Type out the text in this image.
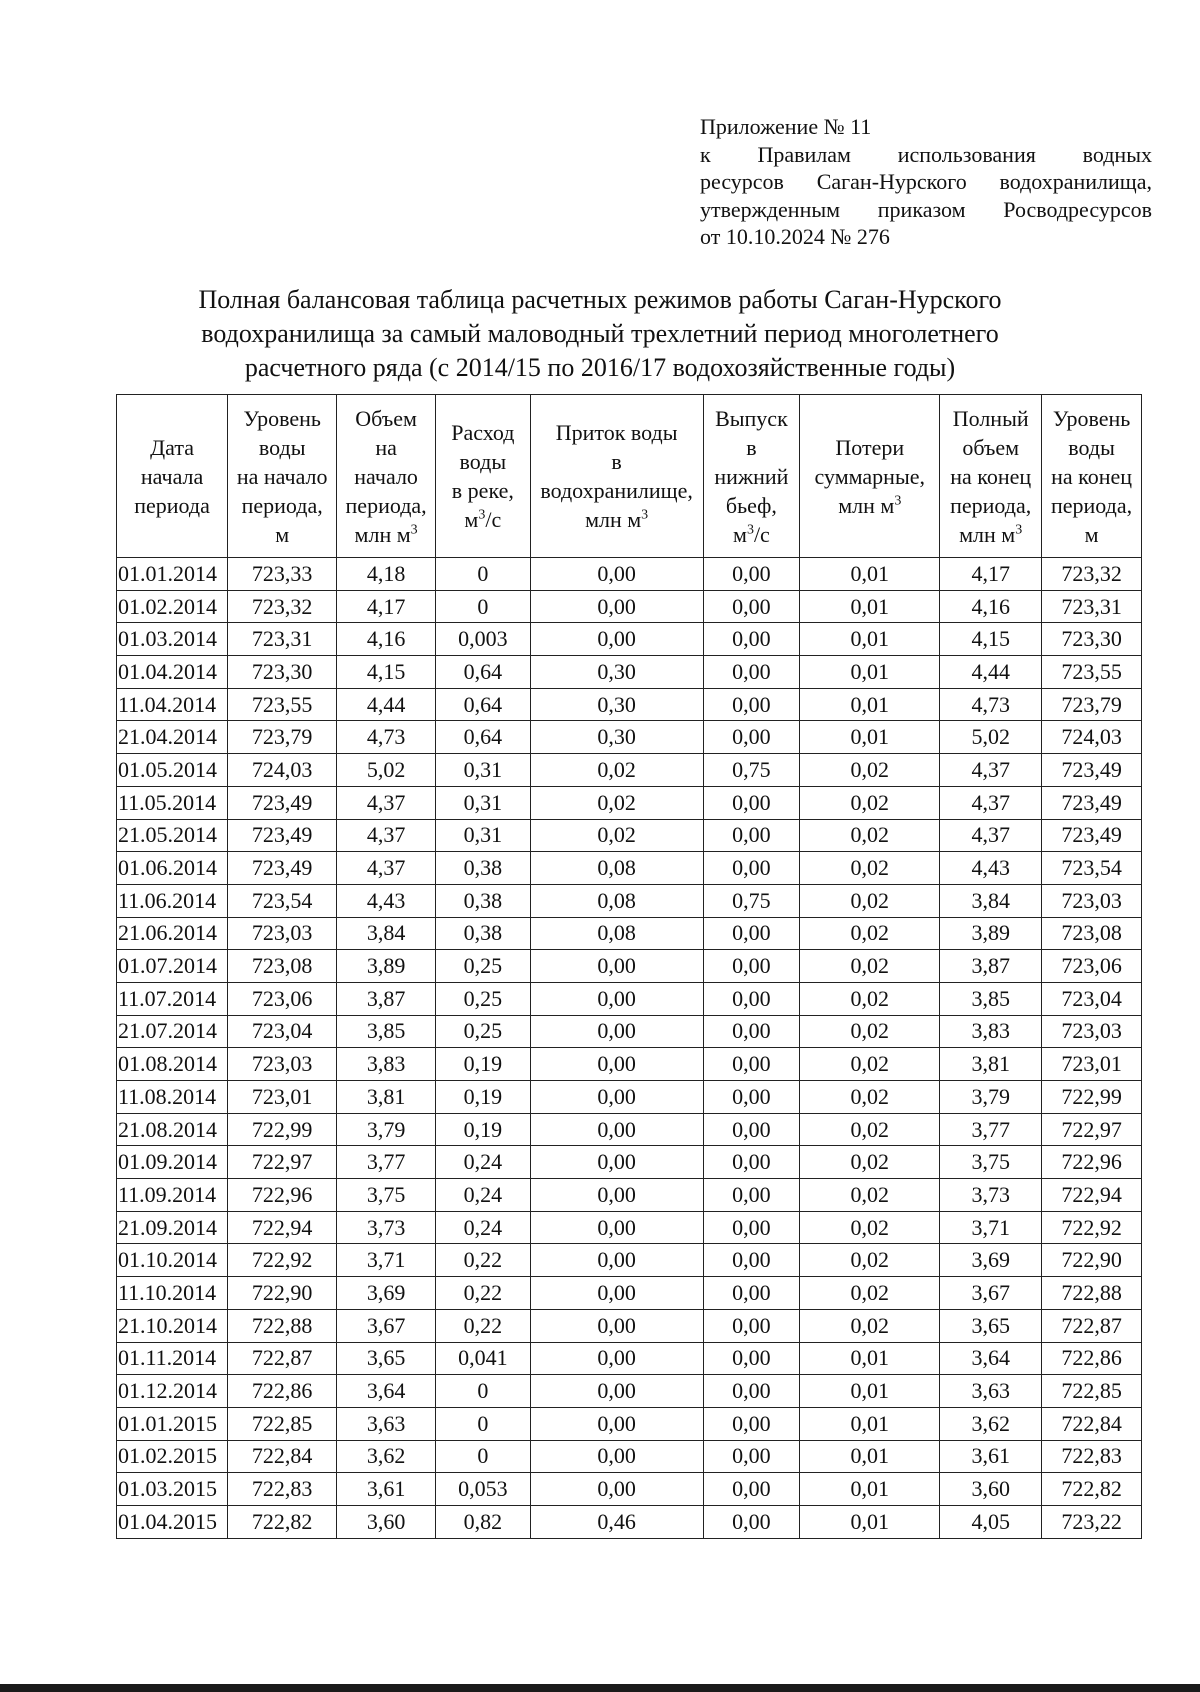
Приложение № 11
к Правилам использования водных
ресурсов Саган-Нурского водохранилища,
утвержденным приказом Росводресурсов
от 10.10.2024 № 276
Полная балансовая таблица расчетных режимов работы Саган-Нурского
водохранилища за самый маловодный трехлетний период многолетнего
расчетного ряда (с 2014/15 по 2016/17 водохозяйственные годы)
Дата
начала
периода	Уровень
воды
на начало
периода,
м	Объем
на
начало
периода,
млн $м^3$	Расход
воды
в реке,
$м^3/с$	Приток воды
в
водохранилище,
млн $м^3$	Выпуск
в
нижний
бьеф,
$м^3/с$	Потери
суммарные,
млн $м^3$	Полный
объем
на конец
периода,
млн $м^3$	Уровень
воды
на конец
периода,
м

01.01.2014	723,33	4,18	0	0,00	0,00	0,01	4,17	723,32
01.02.2014	723,32	4,17	0	0,00	0,00	0,01	4,16	723,31
01.03.2014	723,31	4,16	0,003	0,00	0,00	0,01	4,15	723,30
01.04.2014	723,30	4,15	0,64	0,30	0,00	0,01	4,44	723,55
11.04.2014	723,55	4,44	0,64	0,30	0,00	0,01	4,73	723,79
21.04.2014	723,79	4,73	0,64	0,30	0,00	0,01	5,02	724,03
01.05.2014	724,03	5,02	0,31	0,02	0,75	0,02	4,37	723,49
11.05.2014	723,49	4,37	0,31	0,02	0,00	0,02	4,37	723,49
21.05.2014	723,49	4,37	0,31	0,02	0,00	0,02	4,37	723,49
01.06.2014	723,49	4,37	0,38	0,08	0,00	0,02	4,43	723,54
11.06.2014	723,54	4,43	0,38	0,08	0,75	0,02	3,84	723,03
21.06.2014	723,03	3,84	0,38	0,08	0,00	0,02	3,89	723,08
01.07.2014	723,08	3,89	0,25	0,00	0,00	0,02	3,87	723,06
11.07.2014	723,06	3,87	0,25	0,00	0,00	0,02	3,85	723,04
21.07.2014	723,04	3,85	0,25	0,00	0,00	0,02	3,83	723,03
01.08.2014	723,03	3,83	0,19	0,00	0,00	0,02	3,81	723,01
11.08.2014	723,01	3,81	0,19	0,00	0,00	0,02	3,79	722,99
21.08.2014	722,99	3,79	0,19	0,00	0,00	0,02	3,77	722,97
01.09.2014	722,97	3,77	0,24	0,00	0,00	0,02	3,75	722,96
11.09.2014	722,96	3,75	0,24	0,00	0,00	0,02	3,73	722,94
21.09.2014	722,94	3,73	0,24	0,00	0,00	0,02	3,71	722,92
01.10.2014	722,92	3,71	0,22	0,00	0,00	0,02	3,69	722,90
11.10.2014	722,90	3,69	0,22	0,00	0,00	0,02	3,67	722,88
21.10.2014	722,88	3,67	0,22	0,00	0,00	0,02	3,65	722,87
01.11.2014	722,87	3,65	0,041	0,00	0,00	0,01	3,64	722,86
01.12.2014	722,86	3,64	0	0,00	0,00	0,01	3,63	722,85
01.01.2015	722,85	3,63	0	0,00	0,00	0,01	3,62	722,84
01.02.2015	722,84	3,62	0	0,00	0,00	0,01	3,61	722,83
01.03.2015	722,83	3,61	0,053	0,00	0,00	0,01	3,60	722,82
01.04.2015	722,82	3,60	0,82	0,46	0,00	0,01	4,05	723,22
